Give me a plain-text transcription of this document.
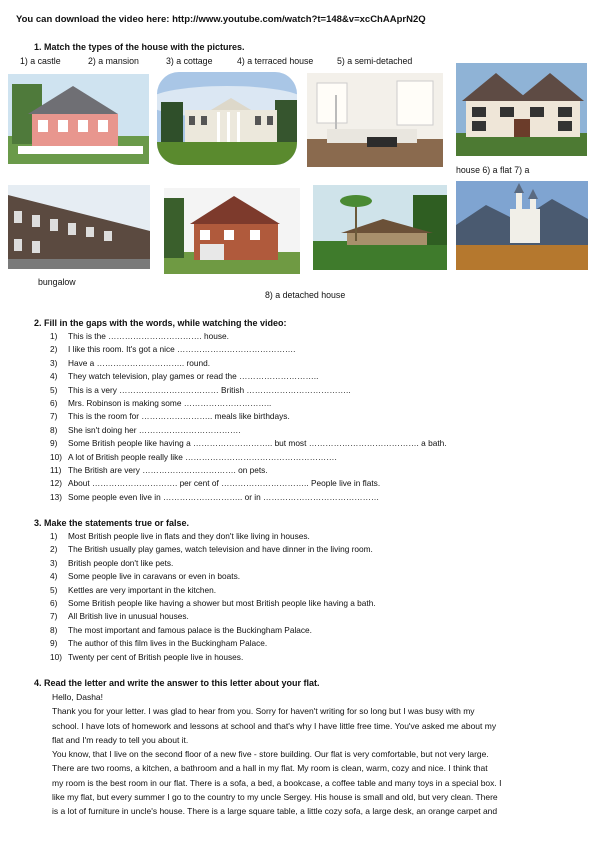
You can download the video here: http://www.youtube.com/watch?t=148&v=xcChAAprN2Q
1. Match the types of the house with the pictures.
1) a castle	2) a mansion	3) a cottage	4) a terraced house	5) a semi-detached
house 6) a flat 7) a
bungalow
8) a detached house
2. Fill in the gaps with the words, while watching the video:
1) This is the ……………………………. house.
2) I like this room. It's got a nice …………………………………….
3) Have a ………………………….. round.
4) They watch television, play games or read the ………………………..
5) This is a very ……………………………… British ………………………………..
6) Mrs. Robinson is making some …………………………..
7) This is the room for …………………….. meals like birthdays.
8) She isn't doing her ……………………………….
9) Some British people like having a ……………………….. but most …………………………………. a bath.
10) A lot of British people really like ……………………………………………….
11) The British are very ……………………………. on pets.
12) About …………………………. per cent of ………………………….. People live in flats.
13) Some people even live in ……………………….. or in ……………………………………
3. Make the statements true or false.
1) Most British people live in flats and they don't like living in houses.
2) The British usually play games, watch television and have dinner in the living room.
3) British people don't like pets.
4) Some people live in caravans or even in boats.
5) Kettles are very important in the kitchen.
6) Some British people like having a shower but most British people like having a bath.
7) All British live in unusual houses.
8) The most important and famous palace is the Buckingham Palace.
9) The author of this film lives in the Buckingham Palace.
10) Twenty per cent of British people live in houses.
4. Read the letter and write the answer to this letter about your flat.
Hello, Dasha!
Thank you for your letter. I was glad to hear from you. Sorry for haven't writing for so long but I was busy with my
school. I have lots of homework and lessons at school and that's why I have little free time. You've asked me about my
flat and I'm ready to tell you about it.
You know, that I live on the second floor of a new five - store building. Our flat is very comfortable, but not very large.
There are two rooms, a kitchen, a bathroom and a hall in my flat. My room is clean, warm, cozy and nice. I think that
my room is the best room in our flat. There is a sofa, a bed, a bookcase, a coffee table and many toys in a special box. I
like my flat, but every summer I go to the country to my uncle Sergey. His house is small and old, but very clean. There
is a lot of furniture in uncle's house. There is a large square table, a little cozy sofa, a large desk, an orange carpet and
